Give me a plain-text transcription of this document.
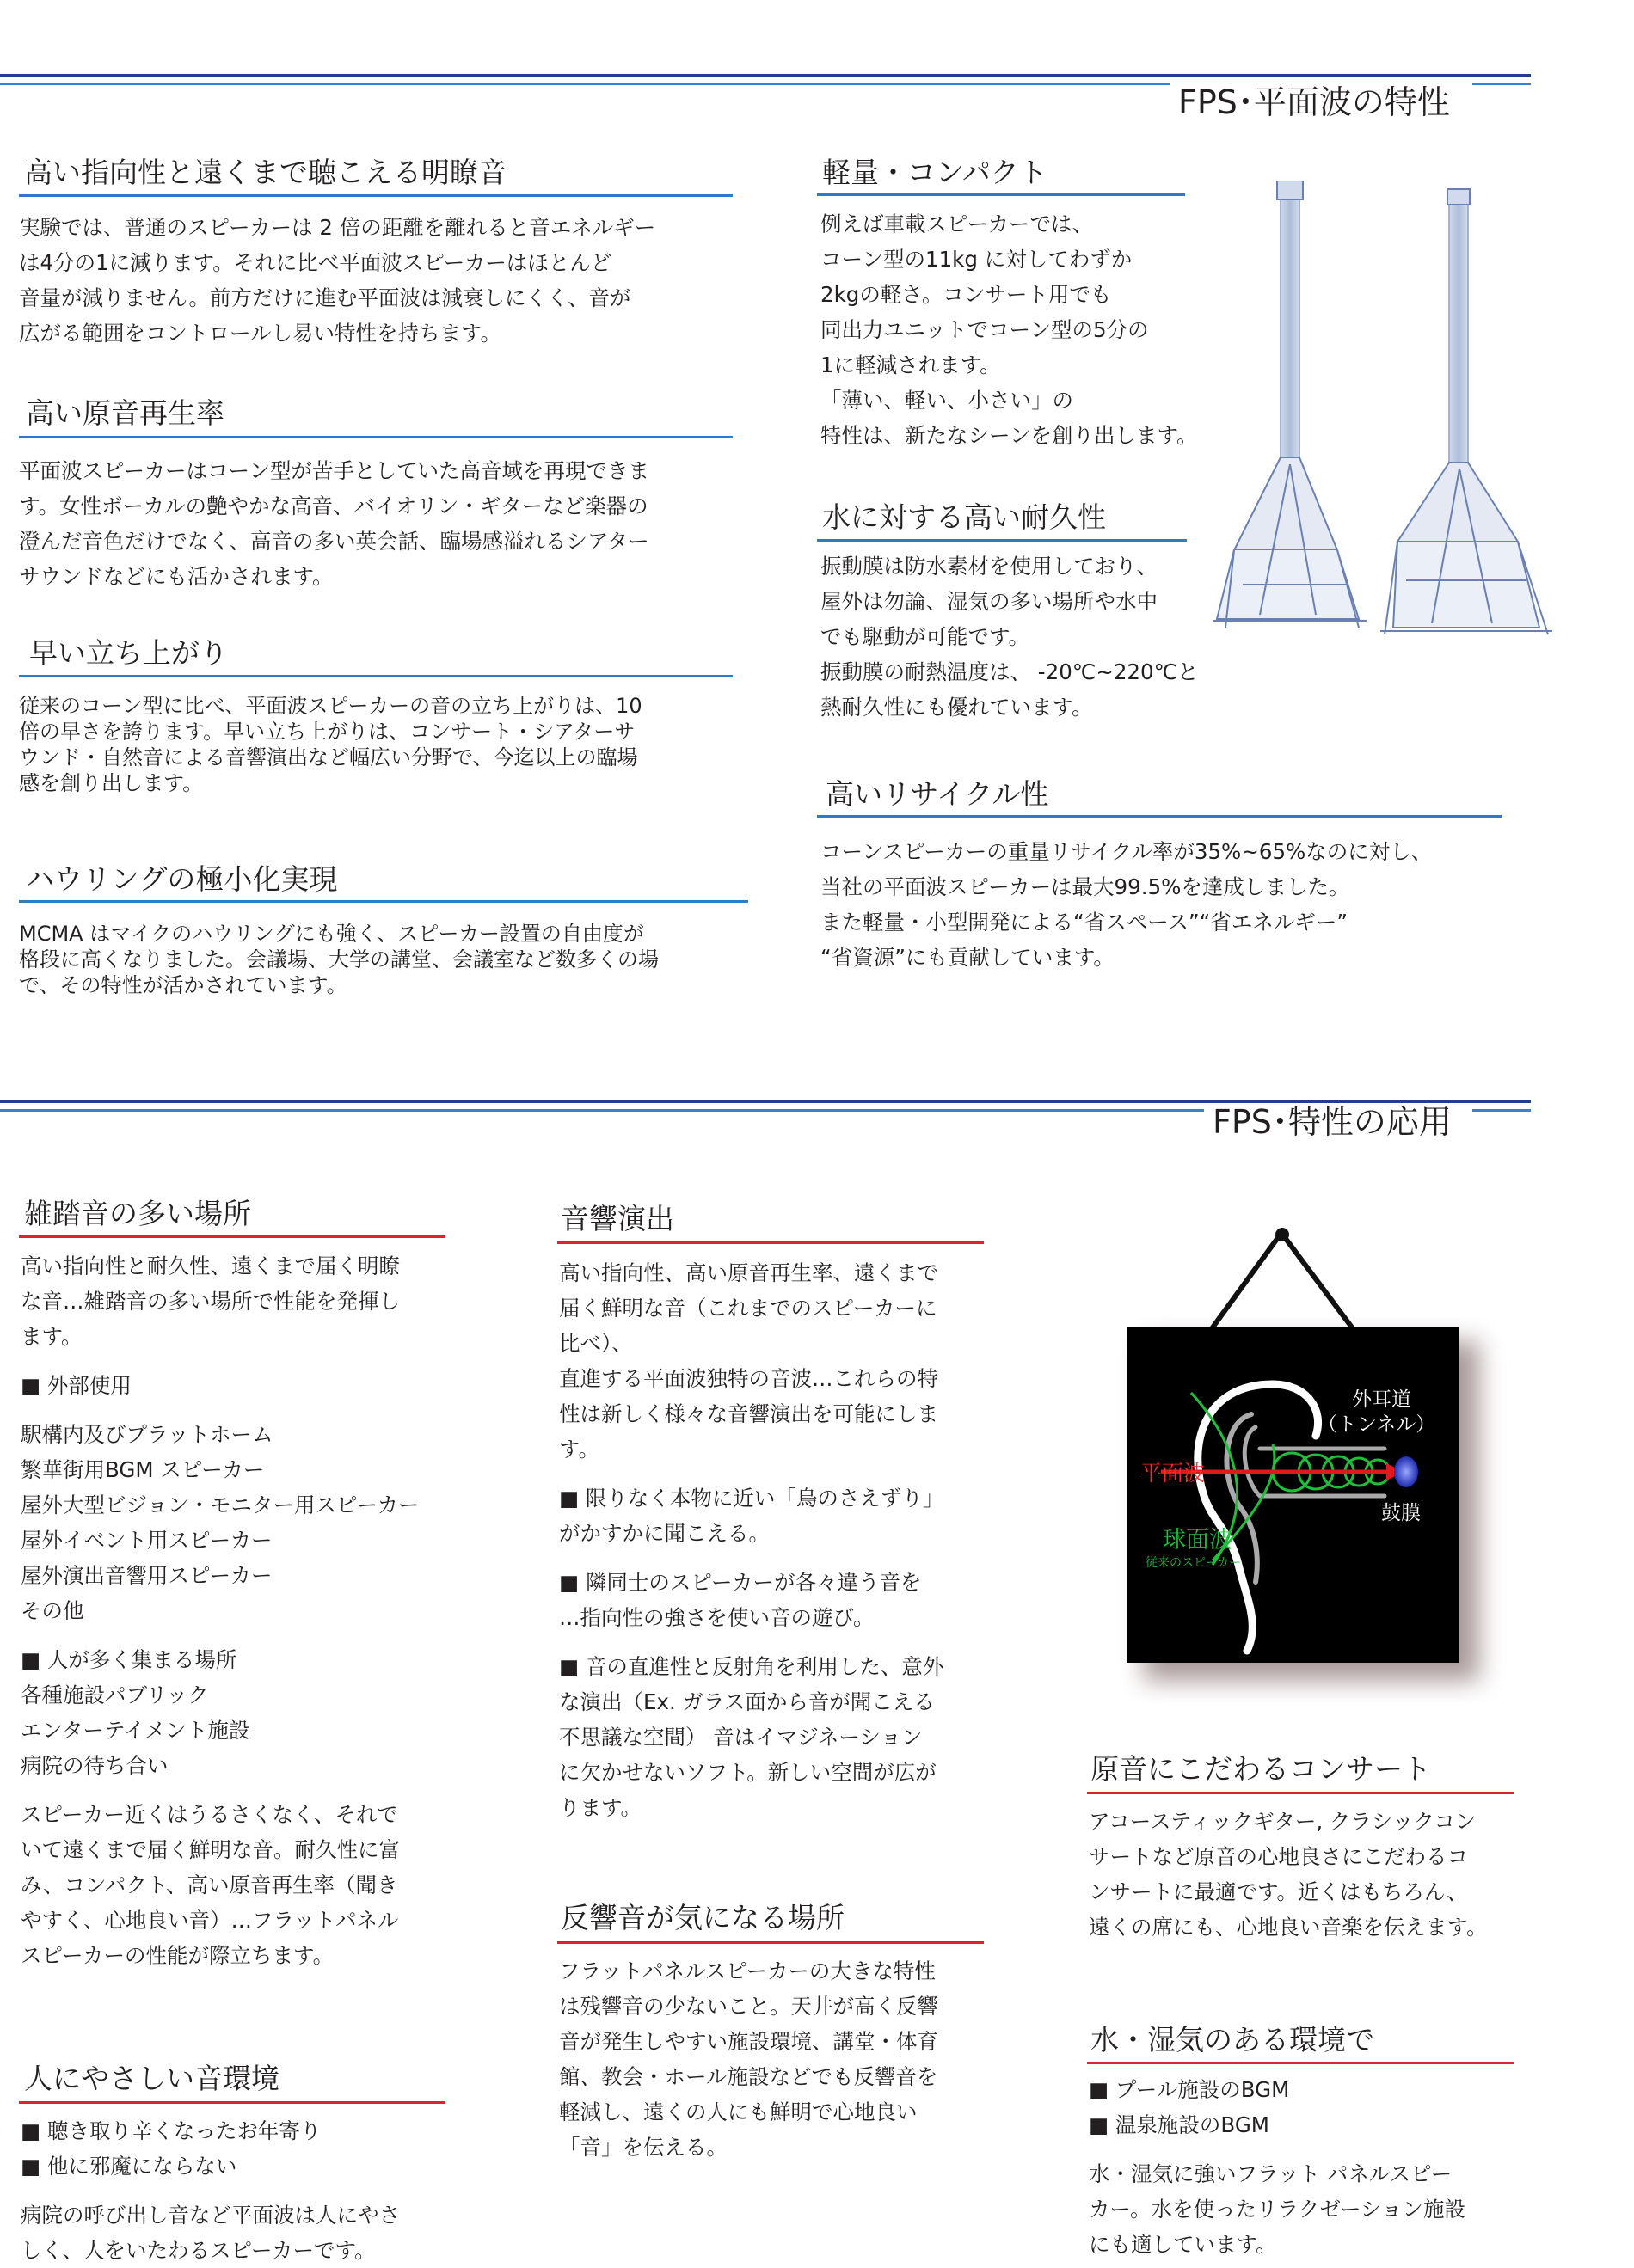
FPS･平面波の特性
高い指向性と遠くまで聴こえる明瞭音
実験では、普通のスピーカーは 2 倍の距離を離れると音エネルギー
は4分の1に減ります。それに比べ平面波スピーカーはほとんど
音量が減りません。前方だけに進む平面波は減衰しにくく、音が
広がる範囲をコントロールし易い特性を持ちます。
高い原音再生率
平面波スピーカーはコーン型が苦手としていた高音域を再現できま
す。女性ボーカルの艶やかな高音、バイオリン・ギターなど楽器の
澄んだ音色だけでなく、高音の多い英会話、臨場感溢れるシアター
サウンドなどにも活かされます。
早い立ち上がり
従来のコーン型に比べ、平面波スピーカーの音の立ち上がりは、10
倍の早さを誇ります。早い立ち上がりは、コンサート・シアターサ
ウンド・自然音による音響演出など幅広い分野で、今迄以上の臨場
感を創り出します。
ハウリングの極小化実現
MCMA はマイクのハウリングにも強く、スピーカー設置の自由度が
格段に高くなりました。会議場、大学の講堂、会議室など数多くの場
で、その特性が活かされています。
軽量・コンパクト
例えば車載スピーカーでは、
コーン型の11kg に対してわずか
2kgの軽さ。コンサート用でも
同出力ユニットでコーン型の5分の
1に軽減されます。
「薄い、軽い、小さい」の
特性は、新たなシーンを創り出します。
水に対する高い耐久性
振動膜は防水素材を使用しており、
屋外は勿論、湿気の多い場所や水中
でも駆動が可能です。
振動膜の耐熱温度は、 -20℃~220℃と
熱耐久性にも優れています。
高いリサイクル性
コーンスピーカーの重量リサイクル率が35%~65%なのに対し、
当社の平面波スピーカーは最大99.5%を達成しました。
また軽量・小型開発による“省スペース”“省エネルギー”
“省資源”にも貢献しています。
FPS･特性の応用
雑踏音の多い場所
高い指向性と耐久性、遠くまで届く明瞭
な音…雑踏音の多い場所で性能を発揮し
ます。
■ 外部使用
駅構内及びプラットホーム
繁華街用BGM スピーカー
屋外大型ビジョン・モニター用スピーカー
屋外イベント用スピーカー
屋外演出音響用スピーカー
その他
■ 人が多く集まる場所
各種施設パブリック
エンターテイメント施設
病院の待ち合い
スピーカー近くはうるさくなく、それで
いて遠くまで届く鮮明な音。耐久性に富
み、コンパクト、高い原音再生率（聞き
やすく、心地良い音）…フラットパネル
スピーカーの性能が際立ちます。
人にやさしい音環境
■ 聴き取り辛くなったお年寄り
■ 他に邪魔にならない
病院の呼び出し音など平面波は人にやさ
しく、人をいたわるスピーカーです。
音響演出
高い指向性、高い原音再生率、遠くまで
届く鮮明な音（これまでのスピーカーに
比べ）、
直進する平面波独特の音波…これらの特
性は新しく様々な音響演出を可能にしま
す。
■ 限りなく本物に近い「鳥のさえずり」
がかすかに聞こえる。
■ 隣同士のスピーカーが各々違う音を
…指向性の強さを使い音の遊び。
■ 音の直進性と反射角を利用した、意外
な演出（Ex. ガラス面から音が聞こえる
不思議な空間） 音はイマジネーション
に欠かせないソフト。新しい空間が広が
ります。
反響音が気になる場所
フラットパネルスピーカーの大きな特性
は残響音の少ないこと。天井が高く反響
音が発生しやすい施設環境、講堂・体育
館、教会・ホール施設などでも反響音を
軽減し、遠くの人にも鮮明で心地良い
「音」を伝える。
原音にこだわるコンサート
アコースティックギター, クラシックコン
サートなど原音の心地良さにこだわるコ
ンサートに最適です。近くはもちろん、
遠くの席にも、心地良い音楽を伝えます。
水・湿気のある環境で
■ プール施設のBGM
■ 温泉施設のBGM
水・湿気に強いフラット パネルスピー
カー。水を使ったリラクゼーション施設
にも適しています。
外耳道
（トンネル）
平面波
鼓膜
球面波
従来のスピーカー
